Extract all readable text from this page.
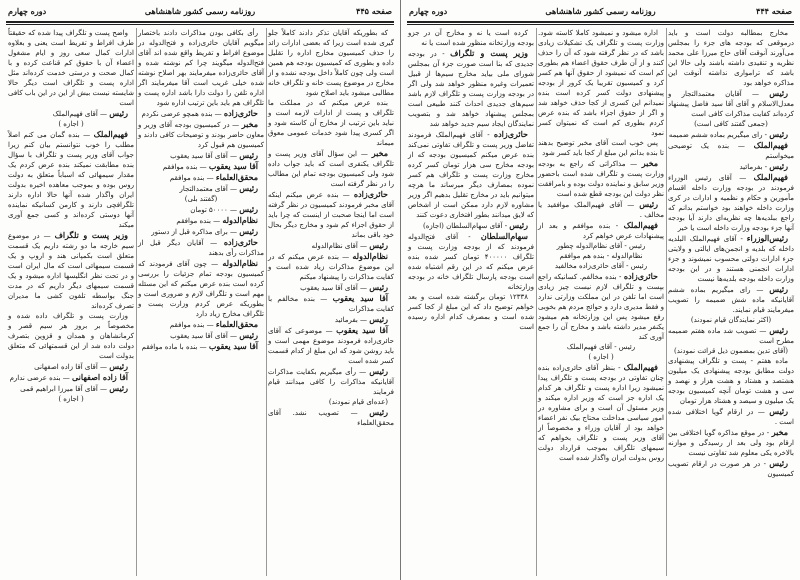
صفحه ۴۴۵
روزنامه رسمی کشور شاهنشاهی
دوره چهارم

که بطوریکه آقایان تذکر دادند کاملاً جلو گیری شده است زیرا که بعضی ادارات زائد را حذف کمیسیون مخارج اداره را تقلیل داده و بطوری که کمیسیون بودجه هم همین است ولی چون کاملاً داخل بودجه نشده و از مخارج در موضوع پست خانه و تلگراف خانه مطالبی میشود باید اصلاح شود

بنده عرض میکنم که در مملکت ما تلگراف و پست از ادارات لازمه است و نباید باین ترتیب از مخارج آن کاسته شود و اگر کسری پیدا شود خدمات عمومی معوق میماند

مخبر — این سؤال آقای وزیر پست و تلگراف یکنفری است که باید جواب داده شود ولی کمیسیون بودجه تمام این مطالب را در نظر گرفته است

حائری‌زاده — بنده عرض میکنم اینکه آقای مخبر فرمودند کمیسیون در نظر گرفته است اما اینجا صحبت از اینست که چرا باید از حقوق اجزاء کم شود و مخارج دیگر بحال خود باقی بماند

رئیس — آقای نظام‌الدوله

نظام‌الدوله — بنده عرض میکنم که در این موضوع مذاکرات زیاد شده است و کفایت مذاکرات را پیشنهاد میکنم

رئیس — آقای آقا سید یعقوب

آقا سید یعقوب — بنده مخالفم با کفایت مذاکرات

رئیس — بفرمائید

آقا سید یعقوب — موضوعی که آقای حائری‌زاده فرمودند موضوع مهمی است و باید روشن شود که این مبلغ از کدام قسمت کسر شده است

رئیس — رأی میگیریم بکفایت مذاکرات آقایانیکه مذاکرات را کافی میدانند قیام فرمایند

(عده‌ای قیام نمودند)

رئیس — تصویب نشد. آقای محقق‌العلماء

رأی بکافی بودن مذاکرات دادند باختصار میگویم آقایان حائری‌زاده و فتح‌الدوله در موضوع افراط و تفریط واقع شده اند آقای فتح‌الدوله میگویند چرا کم نوشته شده و آقای حائری‌زاده میفرمایند بهر اصلاح نوشته شده خیلی غریب است آقا میفرمایند اگر اداره تلفن را دولت دارا باشد اداره پست و تلگراف هم باید باین ترتیب اداره شود

حائری‌زاده — بنده همچو عرضی نکردم

مخبر — در کمیسیون بودجه آقای وزیر و معاون حاضر بودند و توضیحات کافی دادند و کمیسیون هم قبول کرد

رئیس — آقای آقا سید یعقوب

آقا سید یعقوب — بنده موافقم

محقق‌العلماء — بنده موافقم

رئیس — آقای معتمدالتجار

(گفتند بلی)

رئیس — ۵۰۰۰۰ تومان

نظام‌الدوله — بنده موافقم

رئیس — برای مذاکره قبل از دستور

حائری‌زاده — آقایان دیگر قبل از مذاکرات رأی بدهند

نظام‌الدوله — چون آقای فرمودند که کمیسیون بودجه تمام جزئیات را بررسی کرده است بنده عرض میکنم که این مسئله مهم است و تلگراف لازم و ضروری است و بطوریکه عرض کردم وزارت پست و تلگراف مخارج زیاد دارد

محقق‌العلماء — بنده موافقم

رئیس — آقای آقا سید یعقوب

آقا سید یعقوب — بنده با ماده موافقم

واضح پست و تلگراف پیدا شده که حقیقتاً طرف افراط و تفریط است یعنی و بعلاوه ادارات کمال سعی روز و ایام مشغول اعضاء آن با حقوق کم قناعت کرده و با کمال صحت و درستی خدمت کرده‌اند مثل اداره پست و تلگراف است دیگر حالا شایسته نیست بیش از این در این باب کافی است

رئیس — آقای فهیم‌الملک

( اجازه )

فهیم‌الملک — بنده گمان می کنم اصلاً مطلب را خوب نتوانستم بیان کنم زیرا جواب آقای وزیر پست و تلگراف با سؤال بنده مطابقت نمیکند بنده عرض کردم یک مقدار سیمهائی که اسباباً متعلق به دولت روس بوده و بموجب معاهده اخیره بدولت ایران واگذار شده آنها حالا اداره دارند تلگرافچی دارند و کارمن کسانیکه نماینده آنها دوستی کرده‌اند و کسی جمع آوری میکند

وزیر پست و تلگراف — در موضوع سیم خارجه ما دو رشته داریم یک قسمت متعلق است بکمپانی هند و اروپ و یک قسمت سیمهائی است که مال ایران است و در تحت نظر انگلیسها اداره میشود و یک قسمت سیمهای دیگر داریم که در مدت جنگ بواسطه تلفون کشی ما مدیران تصرف کرده‌اند

وزارت پست و تلگراف داده شده و مخصوصاً بر بروز هر سیم قصر و کرمانشاهان و همدان و قزوین بتصرف دولت داده شد از این قسمتهائی که متعلق بدولت است

رئیس — آقای آقا زاده اصفهانی

آقا زاده اصفهانی — بنده عرضی ندارم

رئیس — آقای آقا میرزا ابراهیم قمی

( اجازه )

صفحه ۴۴۴
روزنامه رسمی کشور شاهنشاهی
دوره چهارم

مخارج بمطالبه دولت است و باید درموقعی که بودجه های جزء را بمجلس می‌آورند آنوقت آقای حاج میرزا علی محمد نظریه و تنقیدی داشته باشند ولی حالا این باشد که ترامواری نداشته آنوقت این مذاکره خواهد بود

رئیس — آقایان معتمدالتجار و معدل‌الاسلام و آقای آقا سید فاضل پیشنهاد کرده‌اند کفایت مذاکرات کافی است

(جمعی گفتند کافی است)

رئیس - رای میگیریم بماده ششم ضمیمه

فهیم‌الملک — بنده یک توضیحی میخواستم

رئیس - بفرمائید

فهیم‌الملک — آقای رئیس الوزراء فرمودند در بودجه وزارت داخله اقسام مأمورین و حکام و نظمیه و ادارات در کری وزارت داخله خواهند بود خواستم بدانم که راجع ببلدیه‌ها چه نظریه‌ای دارند آیا بودجه آنها جزء بودجه وزارت داخله است یا خیر

رئیس‌الوزراء - آقای فهیم‌الملک البلدیه داخله که بلدیه و انجمن‌های ایالتی و ولایتی جزء ادارات دولتی محسوب نمیشوند و جزء ادارات انجمنی هستند و در این بودجه وزارت داخله بودجه بلدیه‌ها نیست

رئیس — رای میگیریم بماده ششم آقایانیکه ماده شش ضمیمه را تصویب میفرمایند قیام نمایند.

(اکثر نمایندگان قیام نمودند)

رئیس — تصویب شد ماده هفتم ضمیمه مطرح است

(آقای تدین بمضمون ذیل قرائت نمودند)

ماده هفتم - پست و تلگراف پیشنهادی دولت مطابق بودجه پیشنهادی یک میلیون هشتصد و هشتاد و هشت هزار و نهصد و سی و هشت تومان آنچه کمیسیون بودجه یک میلیون و سیصد و هشتاد هزار تومان

رئیس — در ارقام گویا اختلافی شده است .

مخبر - در موقع مذاکره گویا اختلافی بین ارقام بود ولی بعد از رسیدگی و موازنه بالاخره یکی معلوم شد تفاوتی نیست

رئیس - در هر صورت در ارقام تصویب کمیسیون

اداره میشود و نمیشود کاملا کاسته شود. وزارت پست و تلگراف یک تشکیلات زیادی باشد که در نظر گرفته شود که آن را حذف کنند و از آن طرف حقوق اعضاء هم بطوری کم است که نمیشود از حقوق آنها هم کسر کرد و کمیسیون تقریبا یک کرور از بودجه پیشنهادی دولت کسر کرده است بنده نمیدانم این کسری از کجا حذف خواهد شد و اگر از حقوق اجزاء باشد که بنده عرض کردم بطوری کم است که نمیتوان کسر نمود

پس خوب است آقای مخبر توضیح بدهند تا بنده بدانم این مبلغ از کجا باید کسر شود

مخبر — مذاکراتی که راجع به بودجه وزارت پست و تلگراف شده است باحضور وزیر سابق و نماینده دولت بوده و بامرافقت نظر دولت این بودجه قطع شده است

رئیس — آقای فهیم‌الملک موافقید یا مخالف .

فهیم‌الملک - بنده موافقم و بعد از پیشنهادات عرض خواهم کرد

رئیس - آقای نظام‌الدوله چطور

نظام‌الدوله - بنده هم موافقم

رئیس - آقای حائری‌زاده مخالفید

حائری‌زاده - بنده مخالفم. کسانیکه راجع بپست و تلگراف لازم نیست چیز زیادی است اما تلفن در این مملکت وزارتی ندارد و فقط مدیری دارد و حوائج مردم هم بخوبی رفع میشود پس این وزارتخانه هم میشود یکنفر مدیر داشته باشد و مخارج آن را جمع آوری کند

رئیس - آقای فهیم‌الملک

( اجازه )

فهیم‌الملک - بنظر آقای حائری‌زاده بنده چنان تفاوتی در بودجه پست و تلگراف پیدا نمیشود زیرا اداره پست و تلگراف هر کدام یک اداره جز است که وزیر اداره میکند و وزیر مسئول آن است و برای مشاوره در امور سیاسی مداخلت محتاج بیک نفر اعضاء خواهد بود از آقایان وزراء و مخصوصاً از آقای وزیر پست و تلگراف بخواهم که سیمهای تلگراف بموجب قرارداد دولت روس بدولت ایران واگذار شده است

کرده است یا نه و مخارج آن در جزو بودجه وزارتخانه منظور شده است یا نه

وزیر پست و تلگراف - در بودجه جدیدی که بنا است صورت جزء آن بمجلس شورای ملی بیاید مخارج سیم‌ها از قبیل تعمیرات وغیره منظور خواهد شد ولی اگر در بودجه وزارت پست و تلگراف لازم باشد سیم‌های جدیدی احداث کنند طبیعی است بمجلس پیشنهاد خواهد شد و بتصویب نمایندگان ایجاد سیم جدید خواهد شد

حائری‌زاده - آقای فهیم‌الملک فرمودند تفاضل وزیر پست و تلگراف تفاوتی نمی‌کند بنده عرض میکنم کمیسیون بودجه که از بودجه مخارج سی هزار تومان کسر کرده مخارج وزارت پست و تلگراف هم کسر نموده بمصارف دیگر میرساند ما هرچه میتوانیم باید در مخارج تقلیل بدهیم اگر وزیر مشاوره لازم دارد ممکن است از اشخاص که لایق میدانند بطور افتخاری دعوت کنند

رئیس - آقای سهام‌السلطان (اجازه)

سهام‌السلطان - آقای فتح‌الدوله فرمودند که از بودجه وزارت پست و تلگراف ۴۰۰۰۰۰ تومان کسر شده بنده عرض میکنم که در این رقم اشتباه شده است بودجه پارسال تلگراف خانه در بودجه وزارتخانه

۱۲۳۳۸ تومان برگشته شده است و بعد خواهم توضیح داد که این مبلغ از کجا کسر شده است و بمصرف کدام اداره رسیده است
